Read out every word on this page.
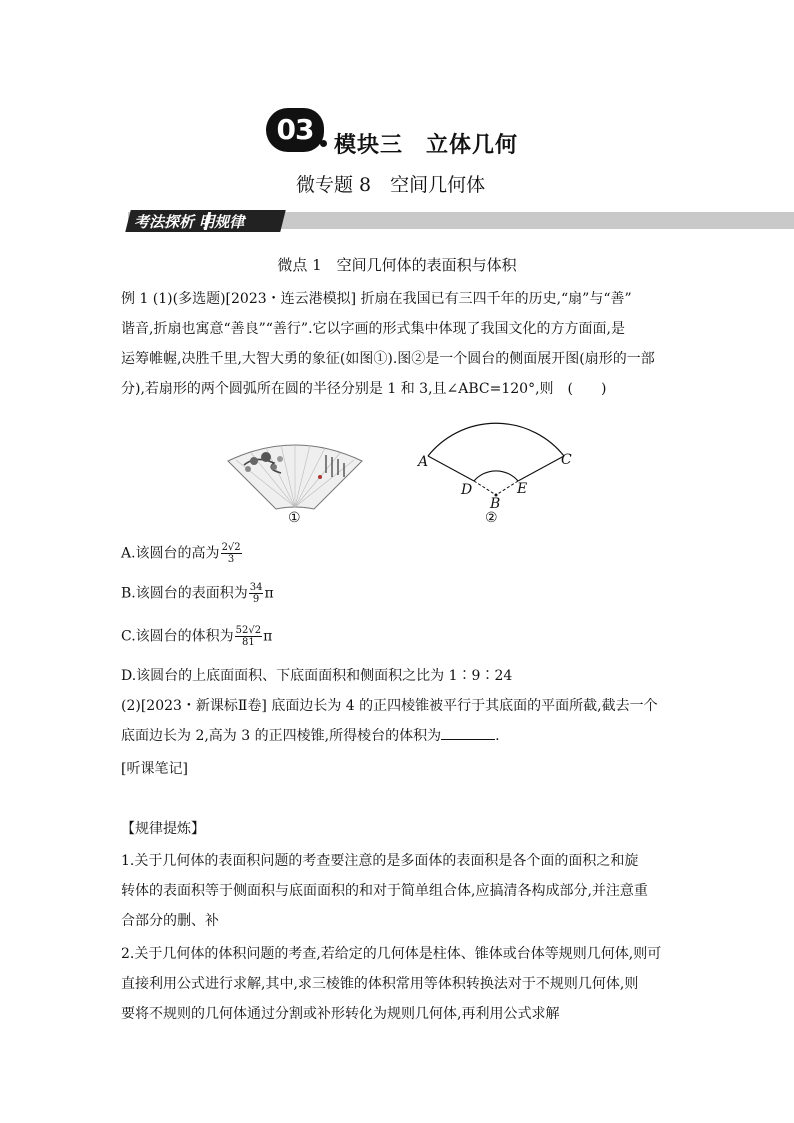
03 模块三　立体几何
微专题 8　空间几何体
考法探析 明规律
微点 1　空间几何体的表面积与体积
例 1 (1)(多选题)[2023・连云港模拟] 折扇在我国已有三四千年的历史,“扇”与“善”
谐音,折扇也寓意“善良”“善行”.它以字画的形式集中体现了我国文化的方方面面,是
运筹帷幄,决胜千里,大智大勇的象征(如图①).图②是一个圆台的侧面展开图(扇形的一部
分),若扇形的两个圆弧所在圆的半径分别是 1 和 3,且∠ABC=120°,则　(　　)
①
A	C
D	E
B
②
A.该圆台的高为 $\frac{2√2}{3}$
B.该圆台的表面积为 $\frac{34}{9}$ π
C.该圆台的体积为 $\frac{52√2}{81}$ π
D.该圆台的上底面面积、下底面面积和侧面积之比为 1∶9∶24
(2)[2023・新课标Ⅱ卷] 底面边长为 4 的正四棱锥被平行于其底面的平面所截,截去一个
底面边长为 2,高为 3 的正四棱锥,所得棱台的体积为	.
[听课笔记]
【规律提炼】
1.关于几何体的表面积问题的考查要注意的是多面体的表面积是各个面的面积之和旋
转体的表面积等于侧面积与底面面积的和对于简单组合体,应搞清各构成部分,并注意重
合部分的删、补
2.关于几何体的体积问题的考查,若给定的几何体是柱体、锥体或台体等规则几何体,则可
直接利用公式进行求解,其中,求三棱锥的体积常用等体积转换法对于不规则几何体,则
要将不规则的几何体通过分割或补形转化为规则几何体,再利用公式求解
